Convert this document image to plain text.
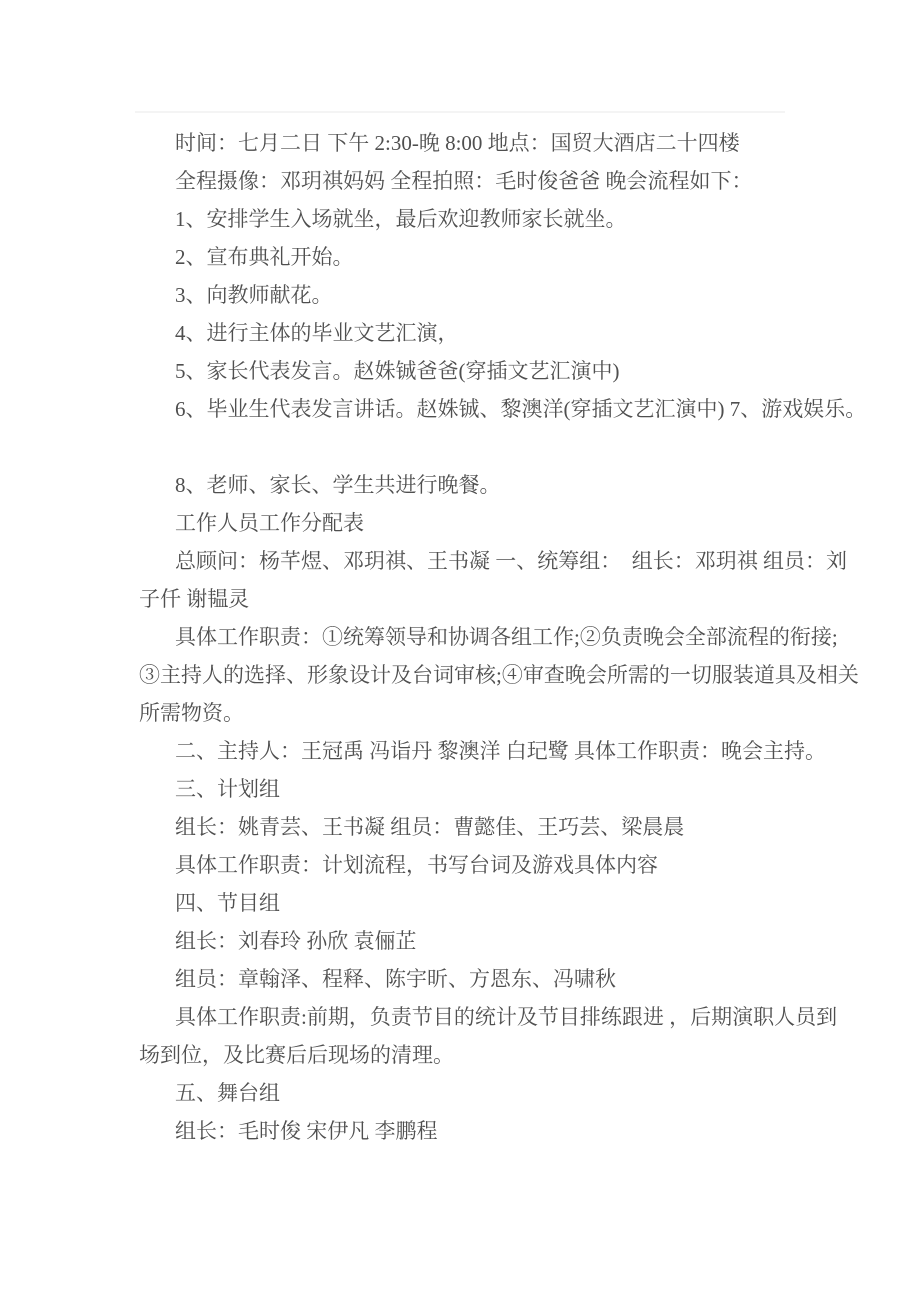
时间：七月二日 下午 2:30-晚 8:00 地点：国贸大酒店二十四楼
全程摄像：邓玥祺妈妈 全程拍照：毛时俊爸爸 晚会流程如下：
1、安排学生入场就坐，最后欢迎教师家长就坐。
2、宣布典礼开始。
3、向教师献花。
4、进行主体的毕业文艺汇演，
5、家长代表发言。赵姝铖爸爸(穿插文艺汇演中)
6、毕业生代表发言讲话。赵姝铖、黎澳洋(穿插文艺汇演中) 7、游戏娱乐。
8、老师、家长、学生共进行晚餐。
工作人员工作分配表
总顾问：杨芊煜、邓玥祺、王书凝 一、统筹组：  组长：邓玥祺 组员：刘
子仟 谢韫灵
具体工作职责：①统筹领导和协调各组工作;②负责晚会全部流程的衔接;
③主持人的选择、形象设计及台词审核;④审查晚会所需的一切服装道具及相关
所需物资。
二、主持人：王冠禹 冯诣丹 黎澳洋 白玘鹭 具体工作职责：晚会主持。
三、计划组
组长：姚青芸、王书凝 组员：曹懿佳、王巧芸、梁晨晨
具体工作职责：计划流程，书写台词及游戏具体内容
四、节目组
组长：刘春玲 孙欣 袁俪芷
组员：章翰泽、程释、陈宇昕、方恩东、冯啸秋
具体工作职责:前期，负责节目的统计及节目排练跟进 ，后期演职人员到
场到位，及比赛后后现场的清理。
五、舞台组
组长：毛时俊 宋伊凡 李鹏程
